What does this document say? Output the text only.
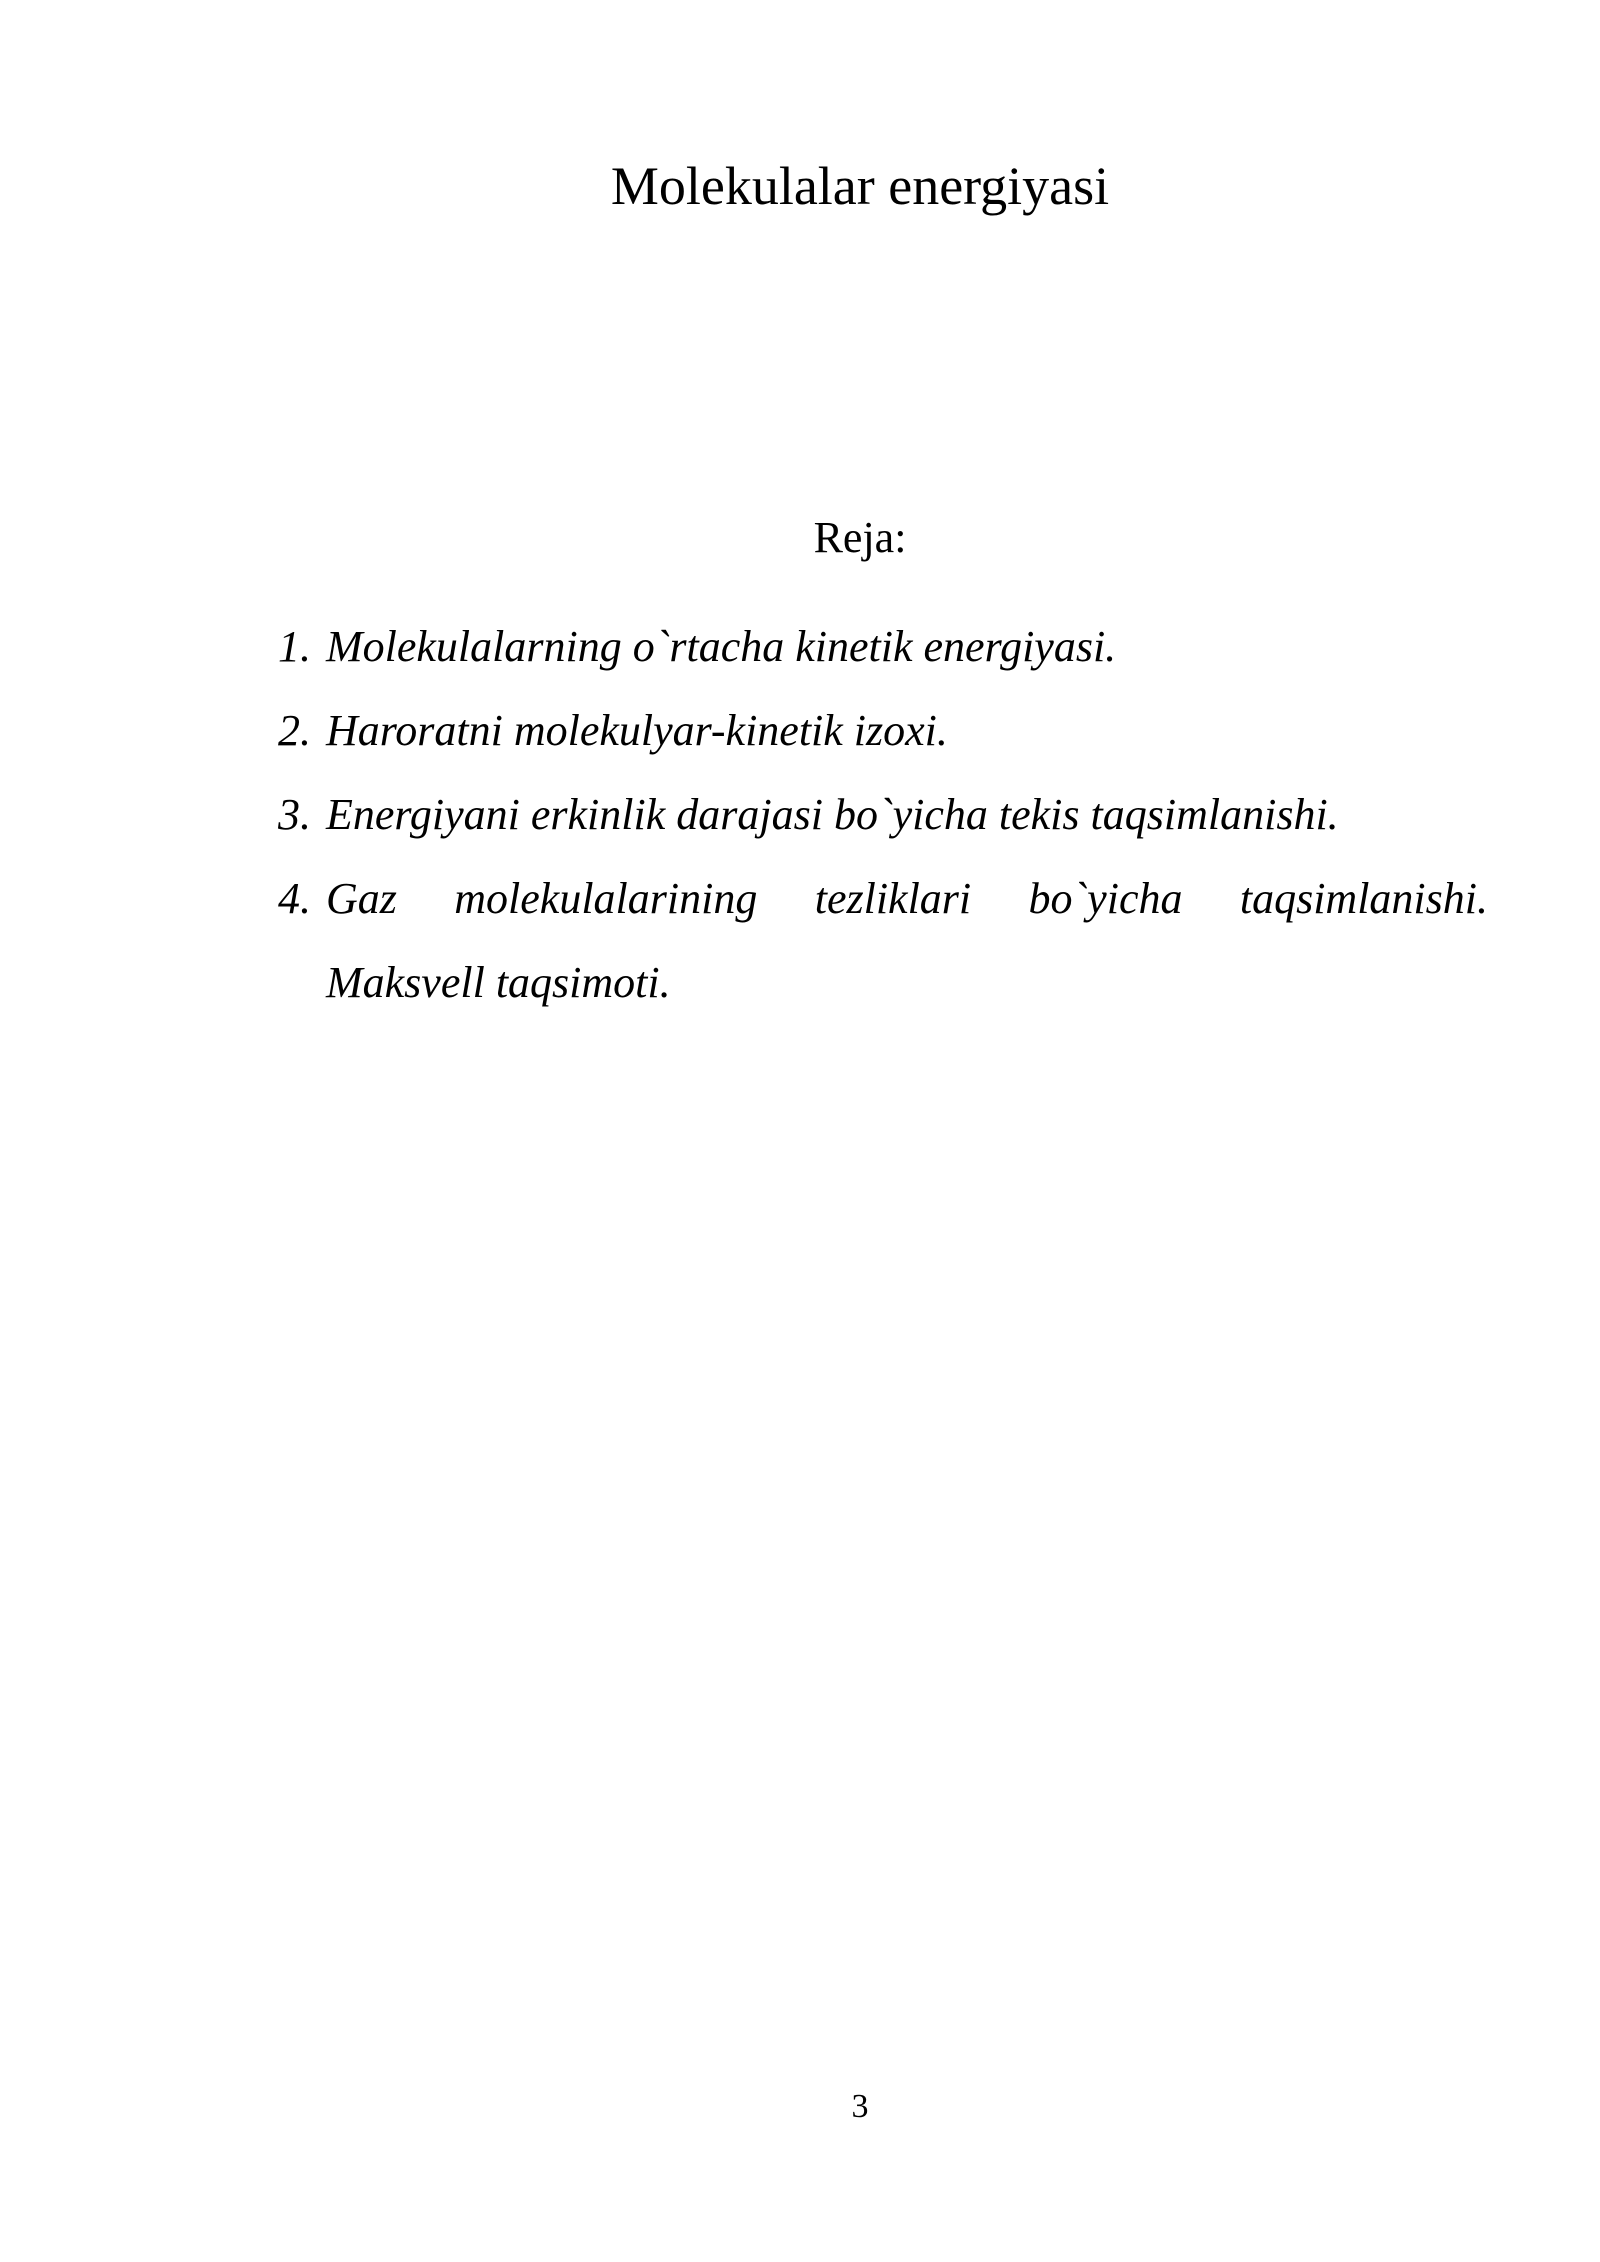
Molekulalar energiyasi
Reja:
1. Molekulalarning o`rtacha kinetik energiyasi.
2. Haroratni molekulyar-kinetik izoxi.
3. Energiyani erkinlik darajasi bo`yicha tekis taqsimlanishi.
4. Gaz molekulalarining tezliklari bo`yicha taqsimlanishi.
Maksvell taqsimoti.
3
